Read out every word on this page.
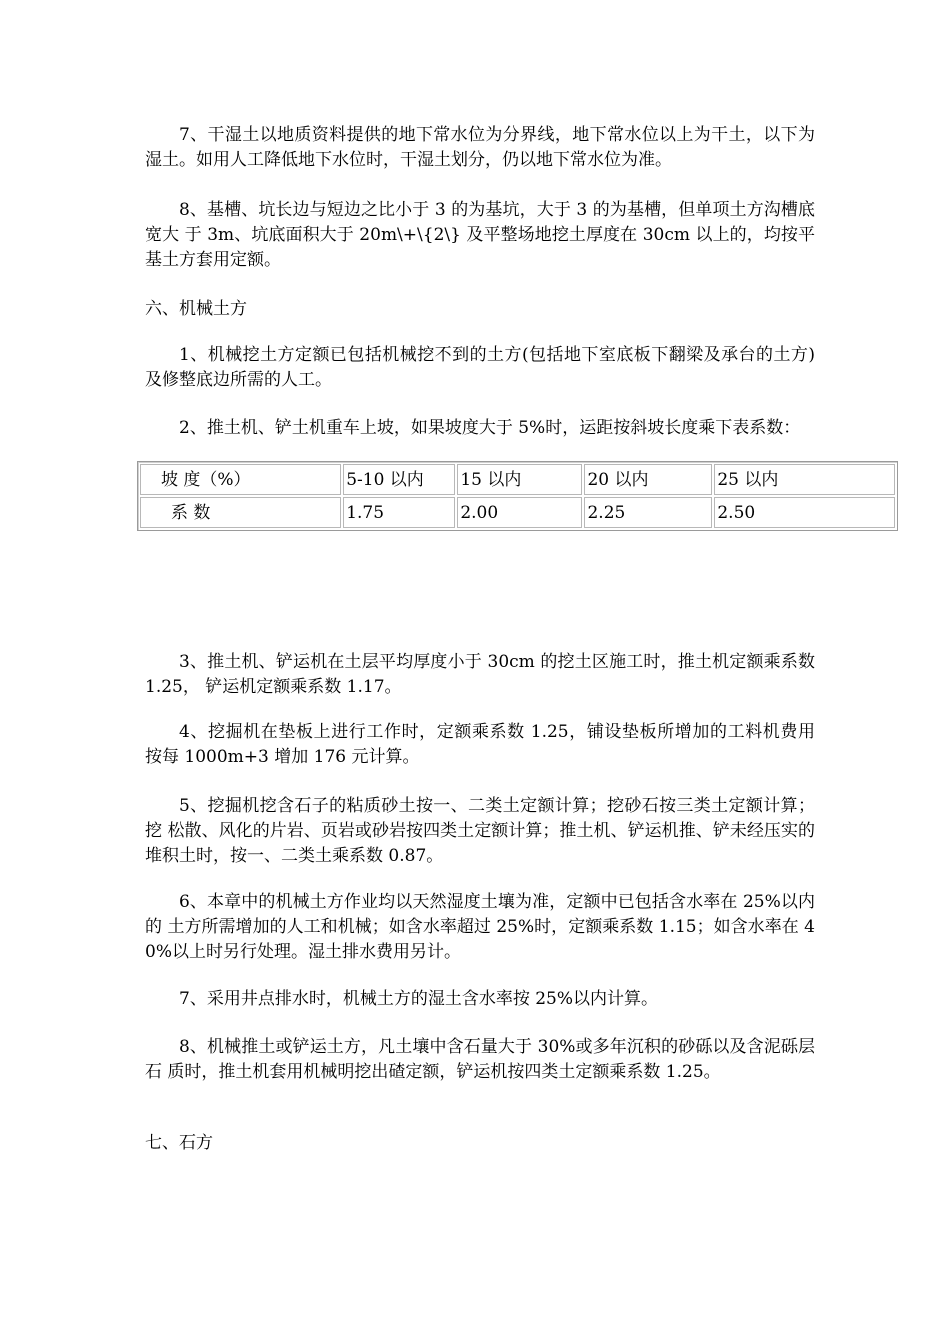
7、干湿土以地质资料提供的地下常水位为分界线，地下常水位以上为干土，以下为湿土。如用人工降低地下水位时，干湿土划分，仍以地下常水位为准。

8、基槽、坑长边与短边之比小于 3 的为基坑，大于 3 的为基槽，但单项土方沟槽底宽大 于 3m、坑底面积大于 20m\+\{2\} 及平整场地挖土厚度在 30cm 以上的，均按平基土方套用定额。

六、机械土方

1、机械挖土方定额已包括机械挖不到的土方(包括地下室底板下翻梁及承台的土方) 及修整底边所需的人工。

2、推土机、铲土机重车上坡，如果坡度大于 5%时，运距按斜坡长度乘下表系数：

坡 度（%）	5-10 以内	15 以内	20 以内	25 以内
系 数	1.75	2.00	2.25	2.50

3、推土机、铲运机在土层平均厚度小于 30cm 的挖土区施工时，推土机定额乘系数 1.25， 铲运机定额乘系数 1.17。

4、挖掘机在垫板上进行工作时，定额乘系数 1.25，铺设垫板所增加的工料机费用 按每 1000m+3 增加 176 元计算。

5、挖掘机挖含石子的粘质砂土按一、二类土定额计算；挖砂石按三类土定额计算；挖 松散、风化的片岩、页岩或砂岩按四类土定额计算；推土机、铲运机推、铲未经压实的堆积土时，按一、二类土乘系数 0.87。

6、本章中的机械土方作业均以天然湿度土壤为准，定额中已包括含水率在 25%以内的 土方所需增加的人工和机械；如含水率超过 25%时，定额乘系数 1.15；如含水率在 40%以上时另行处理。湿土排水费用另计。

7、采用井点排水时，机械土方的湿土含水率按 25%以内计算。

8、机械推土或铲运土方，凡土壤中含石量大于 30%或多年沉积的砂砾以及含泥砾层石 质时，推土机套用机械明挖出碴定额，铲运机按四类土定额乘系数 1.25。

七、石方
